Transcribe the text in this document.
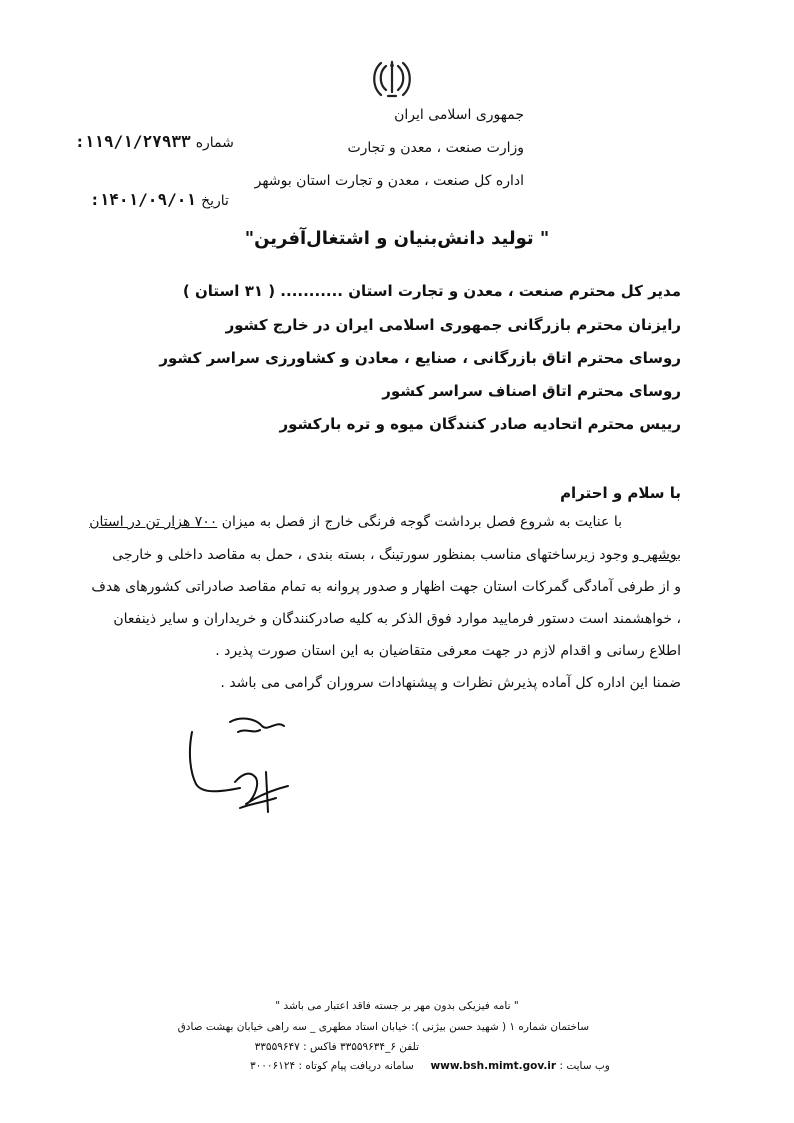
جمهوری اسلامی ایران
وزارت صنعت ، معدن و تجارت
اداره کل صنعت ، معدن و تجارت استان بوشهر
شماره ۱۱۹/۱/۲۷۹۳۳:
تاریخ ۱۴۰۱/۰۹/۰۱:
" تولید دانش‌بنیان و اشتغال‌آفرین"
مدیر کل محترم صنعت ، معدن و تجارت استان ........... ( ۳۱ استان )
رایزنان محترم بازرگانی جمهوری اسلامی ایران در خارج کشور
روسای محترم اتاق بازرگانی ، صنایع ، معادن و کشاورزی سراسر کشور
روسای محترم اتاق اصناف سراسر کشور
رییس محترم اتحادیه صادر کنندگان میوه و تره بارکشور
با سلام و احترام
با عنایت به شروع فصل برداشت گوجه فرنگی خارج از فصل به میزان ۷۰۰ هزار تن در استان
بوشهر و وجود زیرساختهای مناسب بمنظور سورتینگ ، بسته بندی ، حمل به مقاصد داخلی و خارجی
و از طرفی آمادگی گمرکات استان جهت اظهار و صدور پروانه به تمام مقاصد صادراتی کشورهای هدف
، خواهشمند است دستور فرمایید موارد فوق الذکر به کلیه صادرکنندگان و خریداران و سایر ذینفعان
اطلاع رسانی و اقدام لازم در جهت معرفی متقاضیان به این استان صورت پذیرد .
ضمنا این اداره کل آماده پذیرش نظرات و پیشنهادات سروران گرامی می باشد .
" نامه فیزیکی بدون مهر بر جسته فاقد اعتبار می باشد "
ساختمان شماره ۱ ( شهید حسن بیژنی ): خیابان استاد مطهری _ سه راهی خیابان بهشت صادق
تلفن ۶_۳۳۵۵۹۶۳۴ فاکس : ۳۳۵۵۹۶۴۷
وب سایت : www.bsh.mimt.gov.ir     سامانه دریافت پیام کوتاه : ۳۰۰۰۶۱۲۴
